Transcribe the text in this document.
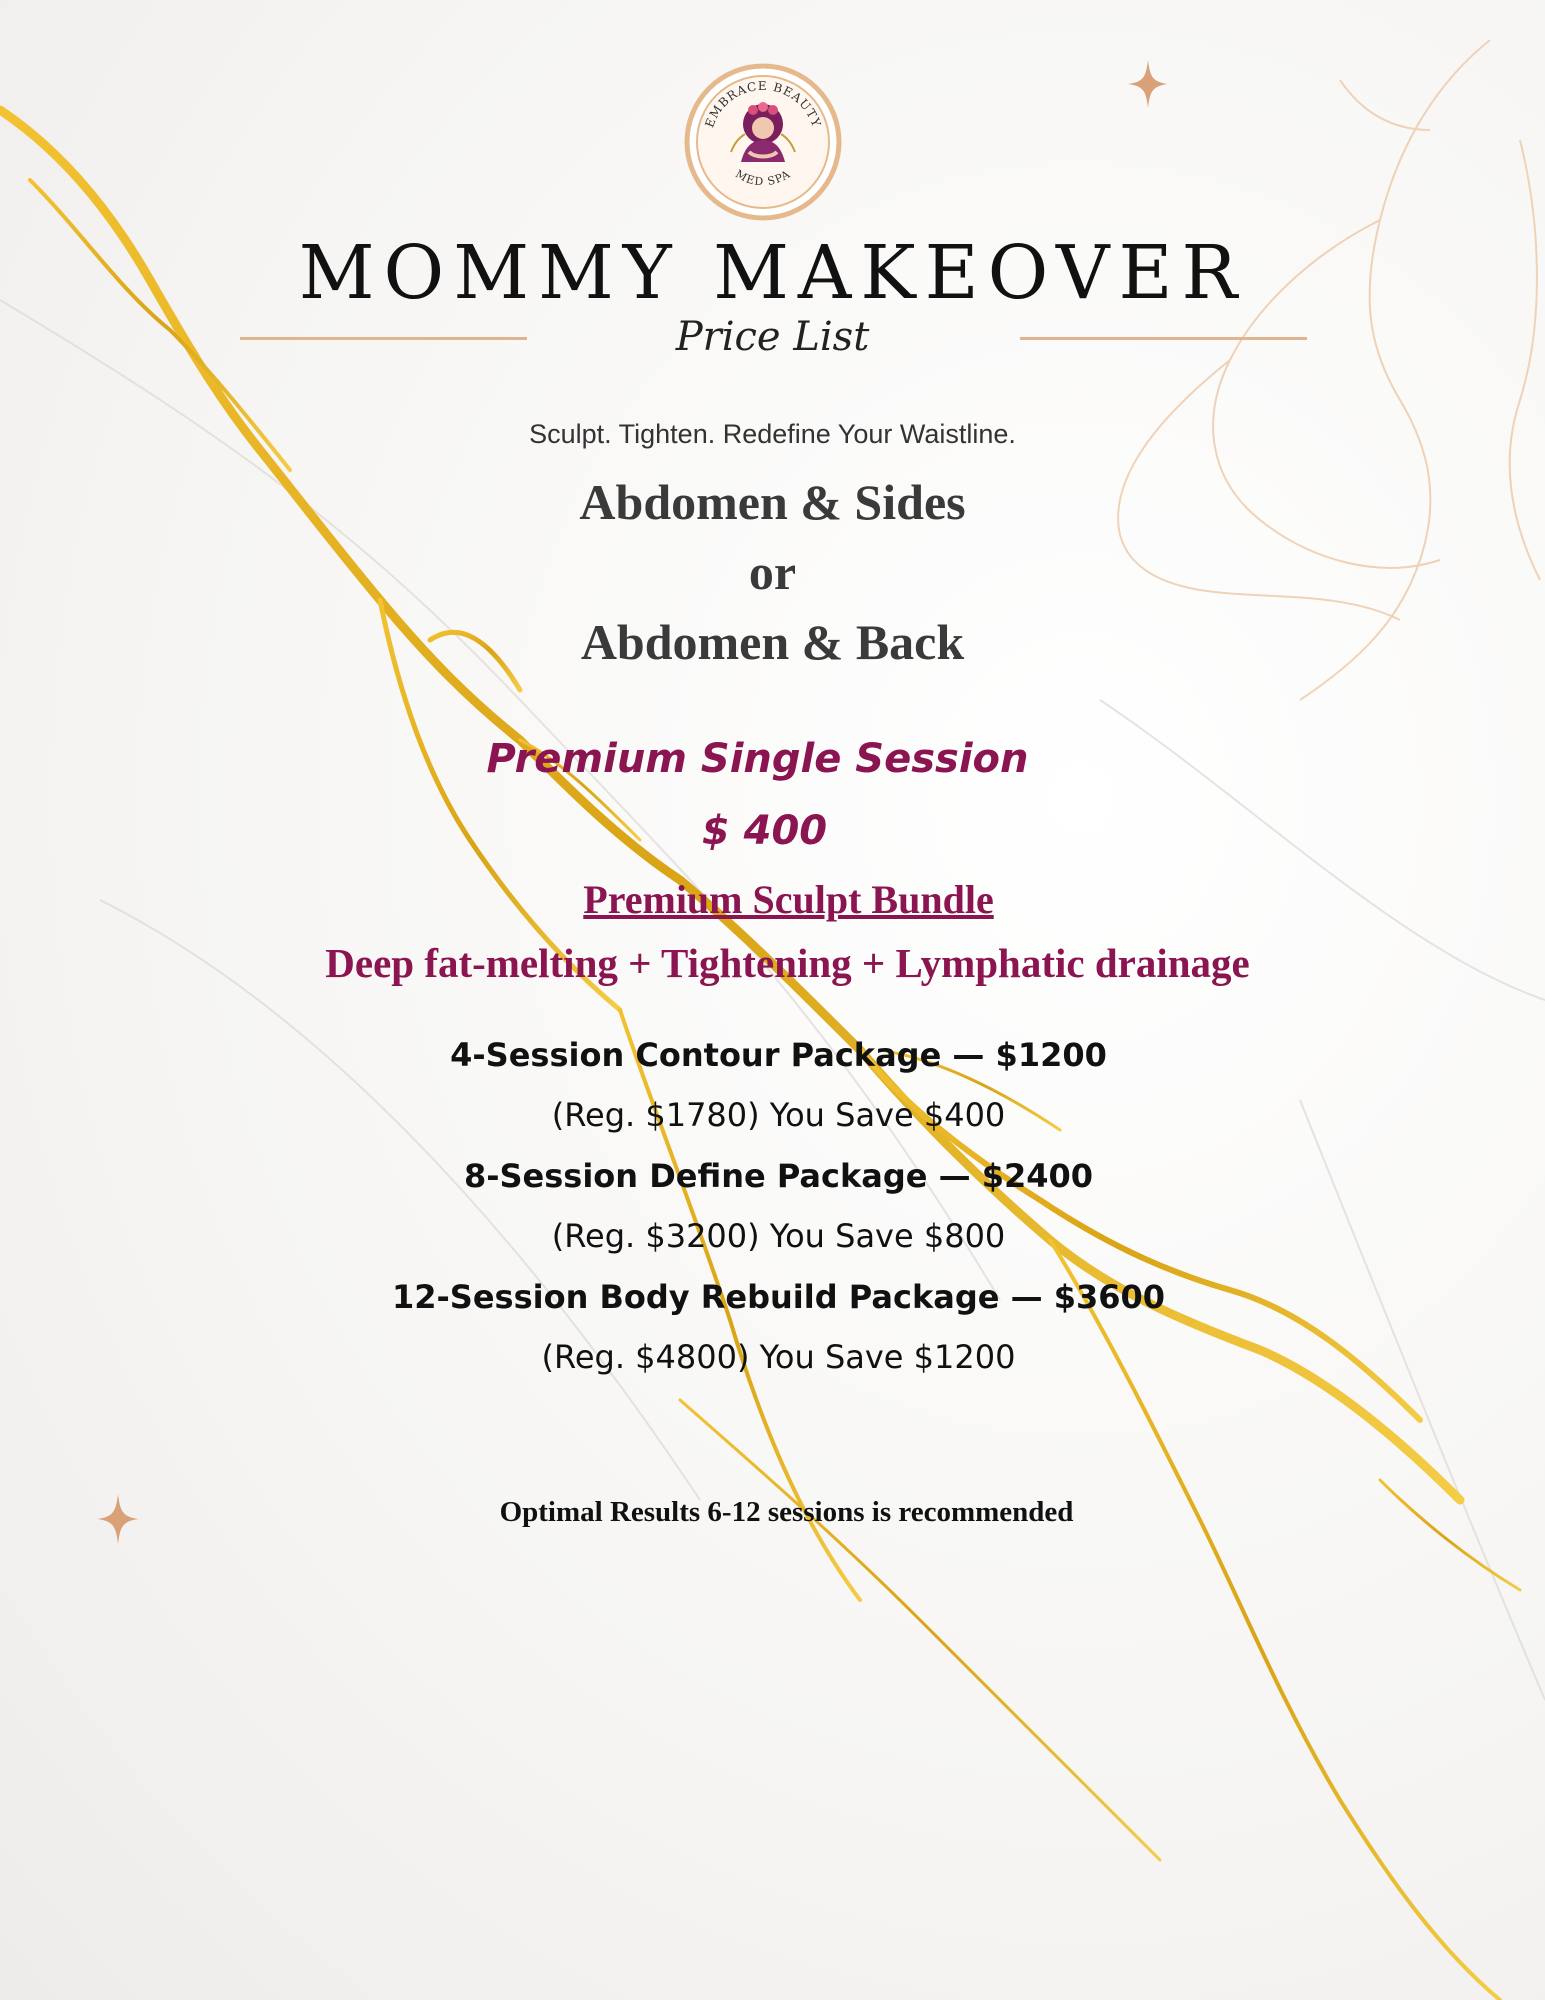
EMBRACE BEAUTY
MED SPA
MOMMY MAKEOVER
Price List
Sculpt. Tighten. Redefine Your Waistline.
Abdomen & Sides
or
Abdomen & Back
Premium Single Session
$ 400
Premium Sculpt Bundle
Deep fat-melting + Tightening + Lymphatic drainage
4-Session Contour Package — $1200
(Reg. $1780) You Save $400
8-Session Define Package — $2400
(Reg. $3200) You Save $800
12-Session Body Rebuild Package — $3600
(Reg. $4800) You Save $1200
Optimal Results 6-12 sessions is recommended
